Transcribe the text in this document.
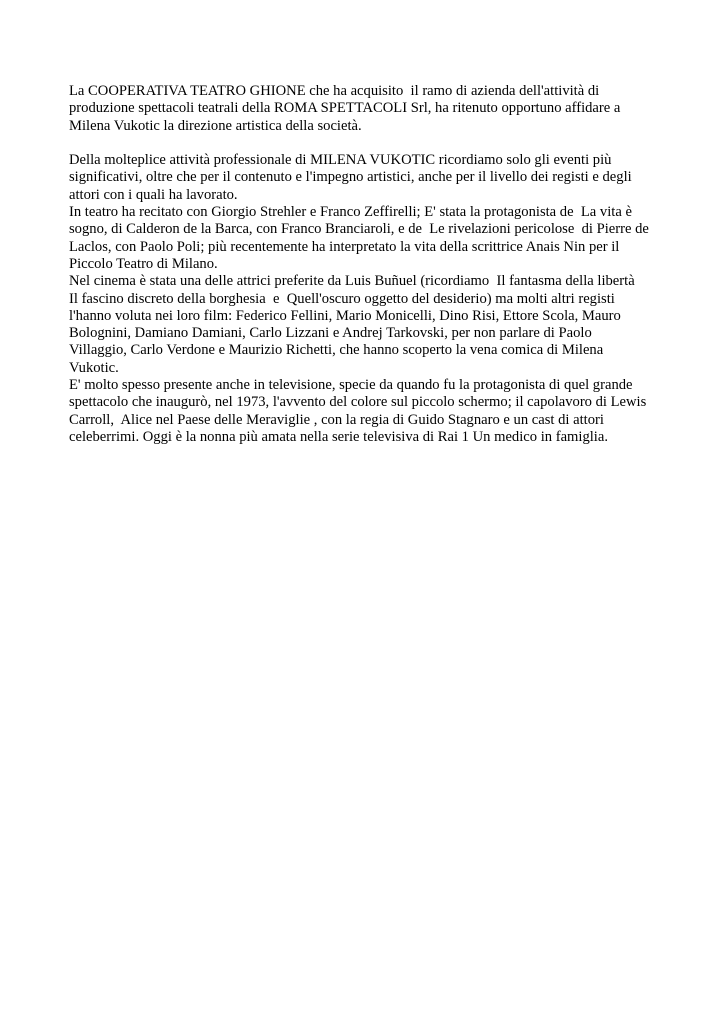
La COOPERATIVA TEATRO GHIONE che ha acquisito  il ramo di azienda dell'attività di
produzione spettacoli teatrali della ROMA SPETTACOLI Srl, ha ritenuto opportuno affidare a
Milena Vukotic la direzione artistica della società.
Della molteplice attività professionale di MILENA VUKOTIC ricordiamo solo gli eventi più
significativi, oltre che per il contenuto e l'impegno artistici, anche per il livello dei registi e degli
attori con i quali ha lavorato.
In teatro ha recitato con Giorgio Strehler e Franco Zeffirelli; E' stata la protagonista de  La vita è
sogno, di Calderon de la Barca, con Franco Branciaroli, e de  Le rivelazioni pericolose  di Pierre de
Laclos, con Paolo Poli; più recentemente ha interpretato la vita della scrittrice Anais Nin per il
Piccolo Teatro di Milano.
Nel cinema è stata una delle attrici preferite da Luis Buñuel (ricordiamo  Il fantasma della libertà
Il fascino discreto della borghesia  e  Quell'oscuro oggetto del desiderio) ma molti altri registi
l'hanno voluta nei loro film: Federico Fellini, Mario Monicelli, Dino Risi, Ettore Scola, Mauro
Bolognini, Damiano Damiani, Carlo Lizzani e Andrej Tarkovski, per non parlare di Paolo
Villaggio, Carlo Verdone e Maurizio Richetti, che hanno scoperto la vena comica di Milena
Vukotic.
E' molto spesso presente anche in televisione, specie da quando fu la protagonista di quel grande
spettacolo che inaugurò, nel 1973, l'avvento del colore sul piccolo schermo; il capolavoro di Lewis
Carroll,  Alice nel Paese delle Meraviglie , con la regia di Guido Stagnaro e un cast di attori
celeberrimi. Oggi è la nonna più amata nella serie televisiva di Rai 1 Un medico in famiglia.
